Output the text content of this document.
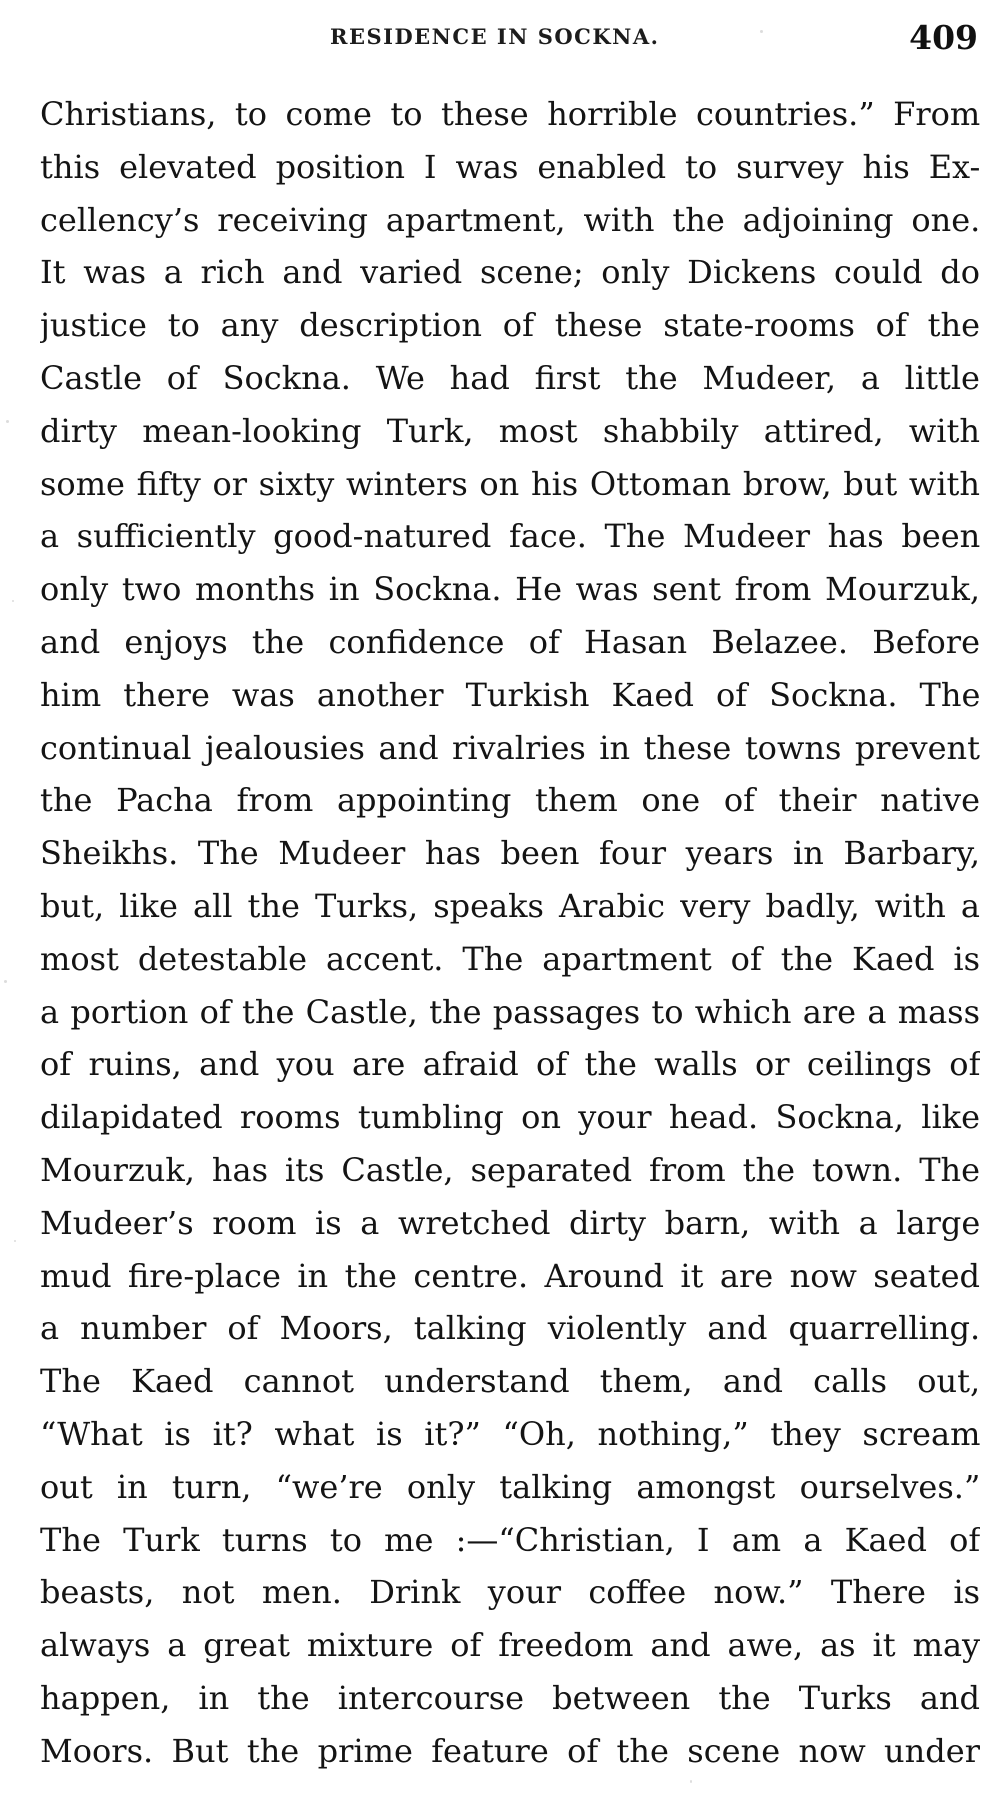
RESIDENCE IN SOCKNA.	409
Christians, to come to these horrible countries.” From
this elevated position I was enabled to survey his Ex-
cellency’s receiving apartment, with the adjoining one.
It was a rich and varied scene; only Dickens could do
justice to any description of these state-rooms of the
Castle of Sockna. We had first the Mudeer, a little
dirty mean-looking Turk, most shabbily attired, with
some fifty or sixty winters on his Ottoman brow, but with
a sufficiently good-natured face. The Mudeer has been
only two months in Sockna. He was sent from Mourzuk,
and enjoys the confidence of Hasan Belazee. Before
him there was another Turkish Kaed of Sockna. The
continual jealousies and rivalries in these towns prevent
the Pacha from appointing them one of their native
Sheikhs. The Mudeer has been four years in Barbary,
but, like all the Turks, speaks Arabic very badly, with a
most detestable accent. The apartment of the Kaed is
a portion of the Castle, the passages to which are a mass
of ruins, and you are afraid of the walls or ceilings of
dilapidated rooms tumbling on your head. Sockna, like
Mourzuk, has its Castle, separated from the town. The
Mudeer’s room is a wretched dirty barn, with a large
mud fire-place in the centre. Around it are now seated
a number of Moors, talking violently and quarrelling.
The Kaed cannot understand them, and calls out,
“What is it? what is it?” “Oh, nothing,” they scream
out in turn, “we’re only talking amongst ourselves.”
The Turk turns to me :—“Christian, I am a Kaed of
beasts, not men. Drink your coffee now.” There is
always a great mixture of freedom and awe, as it may
happen, in the intercourse between the Turks and
Moors. But the prime feature of the scene now under
